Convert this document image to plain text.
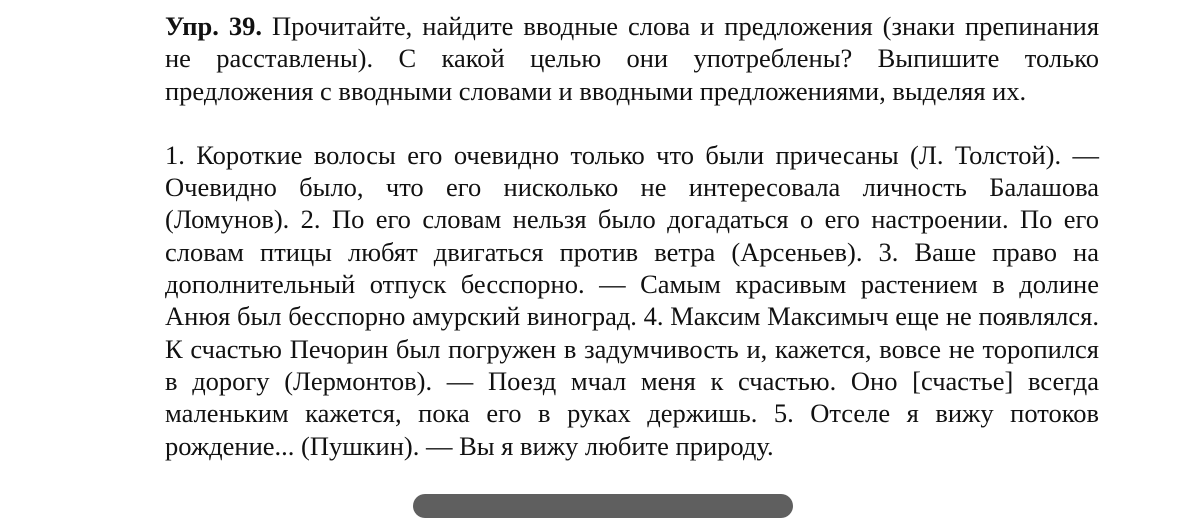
Упр. 39. Прочитайте, найдите вводные слова и предложения (знаки препинания не расставлены). С какой целью они употреблены? Выпишите только предложения с вводными словами и вводными предложениями, выделяя их.

1. Короткие волосы его очевидно только что были причесаны (Л. Толстой). — Очевидно было, что его нисколько не интересовала личность Балашова (Ломунов). 2. По его словам нельзя было догадаться о его настроении. По его словам птицы любят двигаться против ветра (Арсеньев). 3. Ваше право на дополнительный отпуск бесспорно. — Самым красивым растением в долине Анюя был бесспорно амурский виноград. 4. Максим Максимыч еще не появлялся. К счастью Печорин был погружен в задумчивость и, кажется, вовсе не торопился в дорогу (Лермонтов). — Поезд мчал меня к счастью. Оно [счастье] всегда маленьким кажется, пока его в руках держишь. 5. Отселе я вижу потоков рождение... (Пушкин). — Вы я вижу любите природу.
